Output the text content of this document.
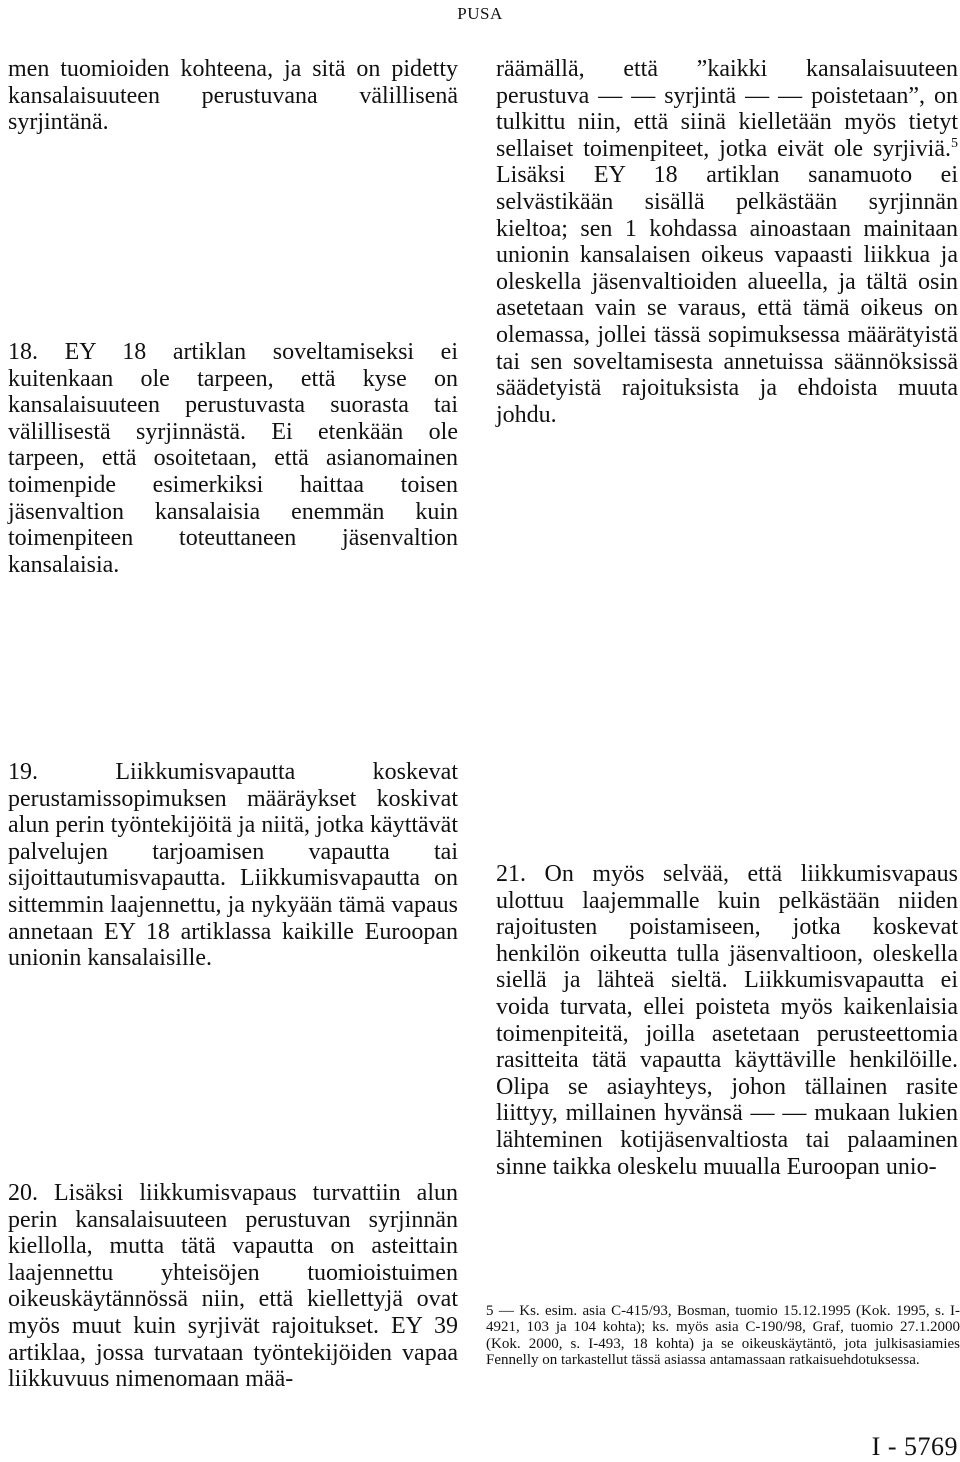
PUSA

men tuomioiden kohteena, ja sitä on pidetty kansalaisuuteen perustuvana välillisenä syrjintänä.

18. EY 18 artiklan soveltamiseksi ei kuitenkaan ole tarpeen, että kyse on kansalaisuuteen perustuvasta suorasta tai välillisestä syrjinnästä. Ei etenkään ole tarpeen, että osoitetaan, että asianomainen toimenpide esimerkiksi haittaa toisen jäsenvaltion kansalaisia enemmän kuin toimenpiteen toteuttaneen jäsenvaltion kansalaisia.

19.	Liikkumisvapautta koskevat perustamissopimuksen määräykset koskivat alun perin työntekijöitä ja niitä, jotka käyttävät palvelujen tarjoamisen vapautta tai sijoittautumisvapautta. Liikkumisvapautta on sittemmin laajennettu, ja nykyään tämä vapaus annetaan EY 18 artiklassa kaikille Euroopan unionin kansalaisille.

20. Lisäksi liikkumisvapaus turvattiin alun perin kansalaisuuteen perustuvan syrjinnän kiellolla, mutta tätä vapautta on asteittain laajennettu yhteisöjen tuomioistuimen oikeuskäytännössä niin, että kiellettyjä ovat myös muut kuin syrjivät rajoitukset. EY 39 artiklaa, jossa turvataan työntekijöiden vapaa liikkuvuus nimenomaan mää-

räämällä, että ”kaikki kansalaisuuteen perustuva — — syrjintä — — poistetaan”, on tulkittu niin, että siinä kielletään myös tietyt sellaiset toimenpiteet, jotka eivät ole syrjiviä.$^5$ Lisäksi EY 18 artiklan sanamuoto ei selvästikään sisällä pelkästään syrjinnän kieltoa; sen 1 kohdassa ainoastaan mainitaan unionin kansalaisen oikeus vapaasti liikkua ja oleskella jäsenvaltioiden alueella, ja tältä osin asetetaan vain se varaus, että tämä oikeus on olemassa, jollei tässä sopimuksessa määrätyistä tai sen soveltamisesta annetuissa säännöksissä säädetyistä rajoituksista ja ehdoista muuta johdu.

21. On myös selvää, että liikkumisvapaus ulottuu laajemmalle kuin pelkästään niiden rajoitusten poistamiseen, jotka koskevat henkilön oikeutta tulla jäsenvaltioon, oleskella siellä ja lähteä sieltä. Liikkumisvapautta ei voida turvata, ellei poisteta myös kaikenlaisia toimenpiteitä, joilla asetetaan perusteettomia rasitteita tätä vapautta käyttäville henkilöille. Olipa se asiayhteys, johon tällainen rasite liittyy, millainen hyvänsä — — mukaan lukien lähteminen kotijäsenvaltiosta tai palaaminen sinne taikka oleskelu muualla Euroopan unio-

5 — Ks. esim. asia C-415/93, Bosman, tuomio 15.12.1995 (Kok. 1995, s. I-4921, 103 ja 104 kohta); ks. myös asia C-190/98, Graf, tuomio 27.1.2000 (Kok. 2000, s. I-493, 18 kohta) ja se oikeuskäytäntö, jota julkisasiamies Fennelly on tarkastellut tässä asiassa antamassaan ratkaisuehdotuksessa.
I - 5769
